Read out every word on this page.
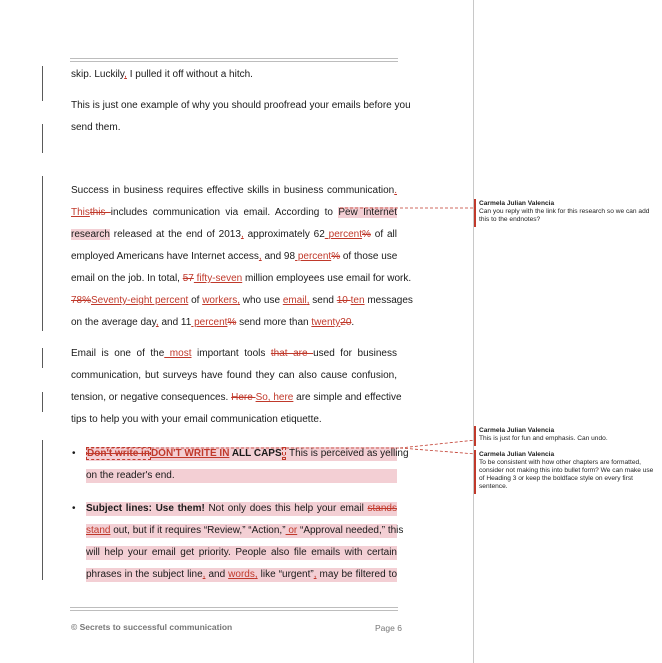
skip. Luckily, I pulled it off without a hitch.
This is just one example of why you should proofread your emails before you
send them.
Success in business requires effective skills in business communication.
Thisthis includes communication via email. According to Pew Internet
research released at the end of 2013, approximately 62 percent% of all
employed Americans have Internet access, and 98 percent% of those use
email on the job. In total, 57 fifty-seven million employees use email for work.
78%Seventy-eight percent of workers, who use email, send 10 ten messages
on the average day, and 11 percent% send more than twenty20.
Email is one of the most important tools that are used for business
communication, but surveys have found they can also cause confusion,
tension, or negative consequences. Here So, here are simple and effective
tips to help you with your email communication etiquette.
• Don't write inDON'T WRITE IN ALL CAPS. This is perceived as yelling
on the reader's end.
• Subject lines: Use them! Not only does this help your email stands
stand out, but if it requires “Review,” “Action,” or “Approval needed,” this
will help your email get priority. People also file emails with certain
phrases in the subject line, and words, like “urgent”, may be filtered to
© Secrets to successful communication	Page 6
Carmela Julian Valencia
Can you reply with the link for this research so we can add this to the endnotes?
Carmela Julian Valencia
This is just for fun and emphasis. Can undo.
Carmela Julian Valencia
To be consistent with how other chapters are formatted, consider not making this into bullet form? We can make use of Heading 3 or keep the boldface style on every first sentence.
